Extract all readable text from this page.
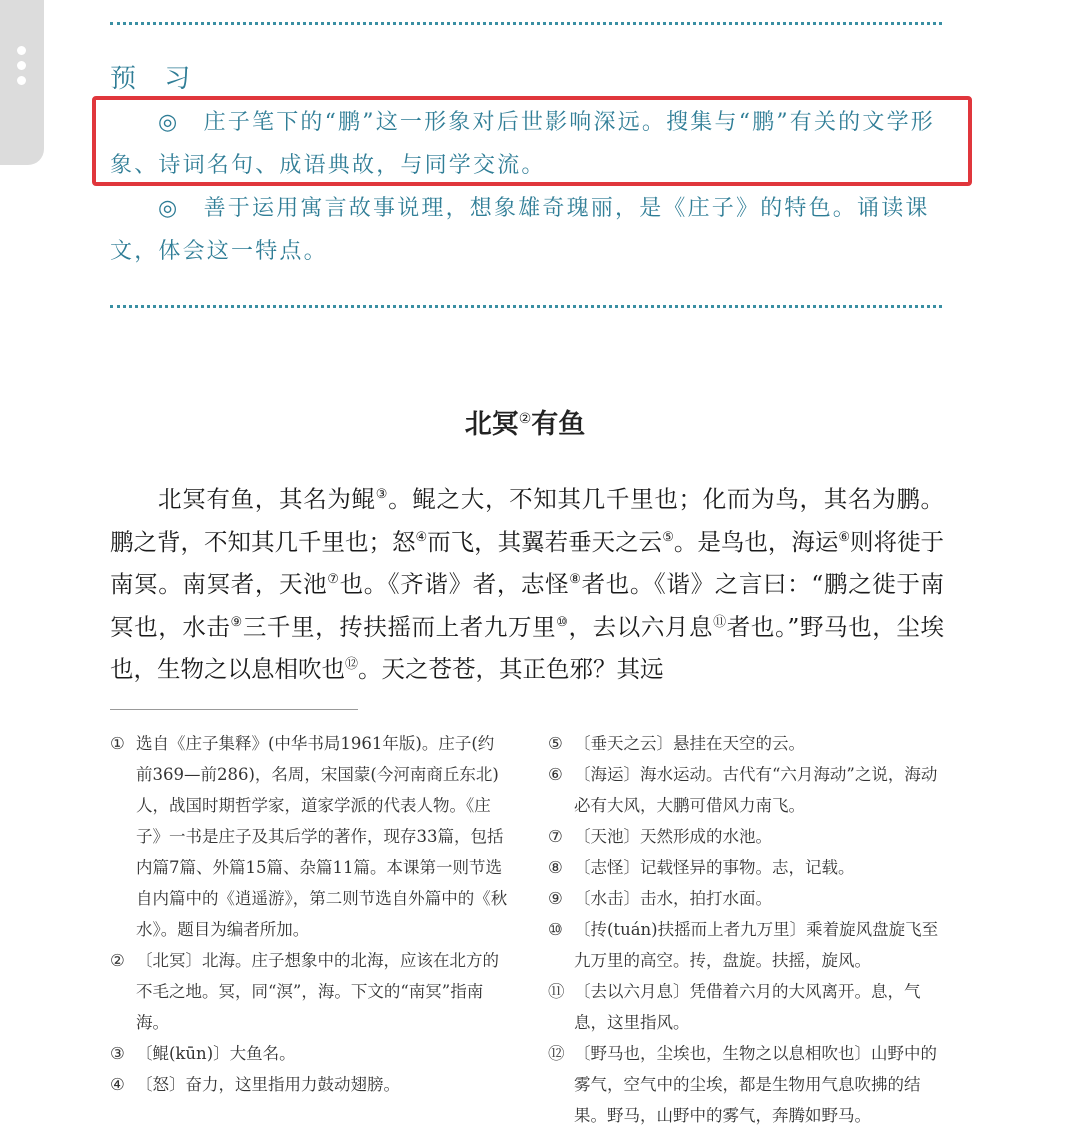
预 习

◎　庄子笔下的“鹏”这一形象对后世影响深远。搜集与“鹏”有关的文学形象、诗词名句、成语典故，与同学交流。

◎　善于运用寓言故事说理，想象雄奇瑰丽，是《庄子》的特色。诵读课文，体会这一特点。

北冥②有鱼

北冥有鱼，其名为鲲③。鲲之大，不知其几千里也；化而为鸟，其名为鹏。鹏之背，不知其几千里也；怒④而飞，其翼若垂天之云⑤。是鸟也，海运⑥则将徙于南冥。南冥者，天池⑦也。《齐谐》者，志怪⑧者也。《谐》之言曰：“鹏之徙于南冥也，水击⑨三千里，抟扶摇而上者九万里⑩，去以六月息⑪者也。”野马也，尘埃也，生物之以息相吹也⑫。天之苍苍，其正色邪？其远

① 选自《庄子集释》(中华书局1961年版)。庄子(约前369—前286)，名周，宋国蒙(今河南商丘东北)人，战国时期哲学家，道家学派的代表人物。《庄子》一书是庄子及其后学的著作，现存33篇，包括内篇7篇、外篇15篇、杂篇11篇。本课第一则节选自内篇中的《逍遥游》，第二则节选自外篇中的《秋水》。题目为编者所加。

② 〔北冥〕北海。庄子想象中的北海，应该在北方的不毛之地。冥，同“溟”，海。下文的“南冥”指南海。

③ 〔鲲(kūn)〕大鱼名。

④ 〔怒〕奋力，这里指用力鼓动翅膀。

⑤ 〔垂天之云〕悬挂在天空的云。

⑥ 〔海运〕海水运动。古代有“六月海动”之说，海动必有大风，大鹏可借风力南飞。

⑦ 〔天池〕天然形成的水池。

⑧ 〔志怪〕记载怪异的事物。志，记载。

⑨ 〔水击〕击水，拍打水面。

⑩ 〔抟(tuán)扶摇而上者九万里〕乘着旋风盘旋飞至九万里的高空。抟，盘旋。扶摇，旋风。

⑪ 〔去以六月息〕凭借着六月的大风离开。息，气息，这里指风。

⑫ 〔野马也，尘埃也，生物之以息相吹也〕山野中的雾气，空气中的尘埃，都是生物用气息吹拂的结果。野马，山野中的雾气，奔腾如野马。
